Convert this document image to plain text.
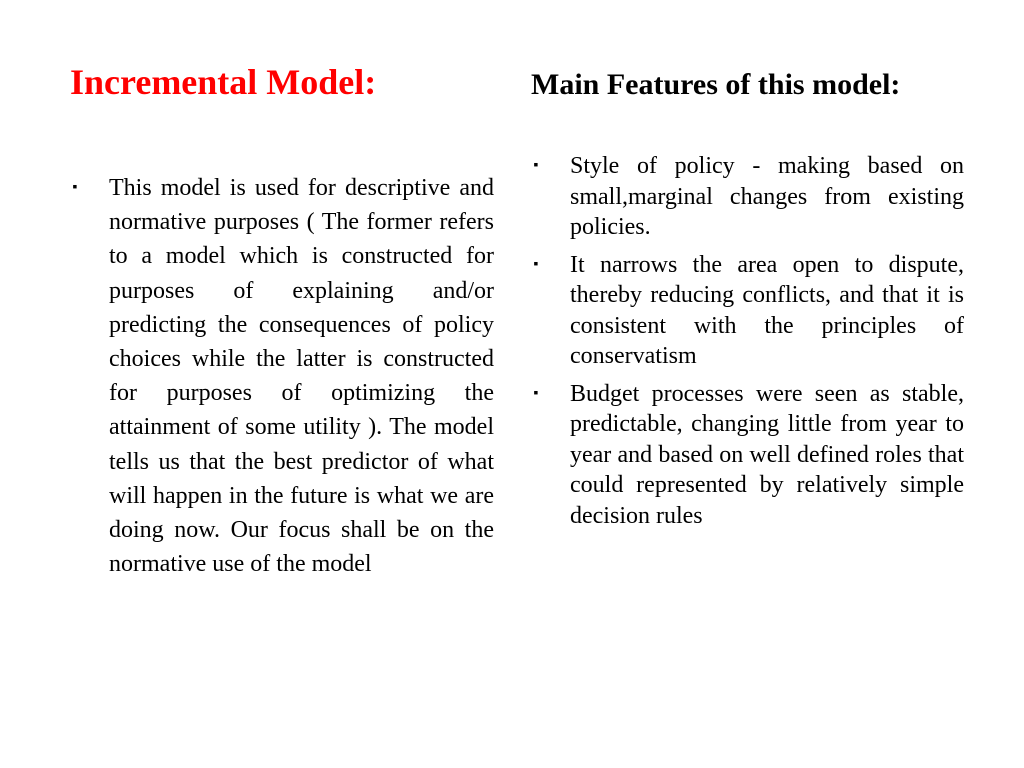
Incremental Model:
▪ This model is used for descriptive and normative purposes ( The former refers to a model which is constructed for purposes of explaining and/or predicting the consequences of policy choices while the latter is constructed for purposes of optimizing the attainment of some utility ). The model tells us that the best predictor of what will happen in the future is what we are doing now. Our focus shall be on the normative use of the model
Main Features of this model:
▪ Style of policy - making based on small,marginal changes from existing policies.
▪ It narrows the area open to dispute, thereby reducing conflicts, and that it is consistent with the principles of conservatism
▪ Budget processes were seen as stable, predictable, changing little from year to year and based on well defined roles that could represented by relatively simple decision rules
